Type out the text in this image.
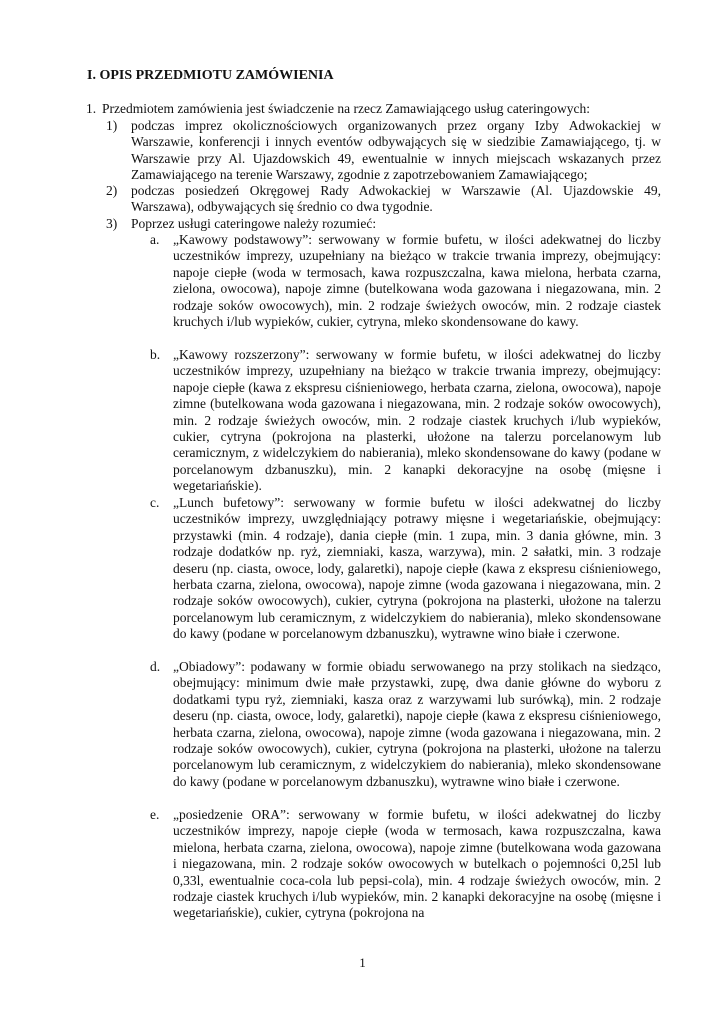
I. OPIS PRZEDMIOTU ZAMÓWIENIA
1. Przedmiotem zamówienia jest świadczenie na rzecz Zamawiającego usług cateringowych:
1) podczas imprez okolicznościowych organizowanych przez organy Izby Adwokackiej w Warszawie, konferencji i innych eventów odbywających się w siedzibie Zamawiającego, tj. w Warszawie przy Al. Ujazdowskich 49, ewentualnie w innych miejscach wskazanych przez Zamawiającego na terenie Warszawy, zgodnie z zapotrzebowaniem Zamawiającego;
2) podczas posiedzeń Okręgowej Rady Adwokackiej w Warszawie (Al. Ujazdowskie 49, Warszawa), odbywających się średnio co dwa tygodnie.
3) Poprzez usługi cateringowe należy rozumieć:
a. „Kawowy podstawowy”: serwowany w formie bufetu, w ilości adekwatnej do liczby uczestników imprezy, uzupełniany na bieżąco w trakcie trwania imprezy, obejmujący: napoje ciepłe (woda w termosach, kawa rozpuszczalna, kawa mielona, herbata czarna, zielona, owocowa), napoje zimne (butelkowana woda gazowana i niegazowana, min. 2 rodzaje soków owocowych), min. 2 rodzaje świeżych owoców, min. 2 rodzaje ciastek kruchych i/lub wypieków, cukier, cytryna, mleko skondensowane do kawy.
b. „Kawowy rozszerzony”: serwowany w formie bufetu, w ilości adekwatnej do liczby uczestników imprezy, uzupełniany na bieżąco w trakcie trwania imprezy, obejmujący: napoje ciepłe (kawa z ekspresu ciśnieniowego, herbata czarna, zielona, owocowa), napoje zimne (butelkowana woda gazowana i niegazowana, min. 2 rodzaje soków owocowych), min. 2 rodzaje świeżych owoców, min. 2 rodzaje ciastek kruchych i/lub wypieków, cukier, cytryna (pokrojona na plasterki, ułożone na talerzu porcelanowym lub ceramicznym, z widelczykiem do nabierania), mleko skondensowane do kawy (podane w porcelanowym dzbanuszku), min. 2 kanapki dekoracyjne na osobę (mięsne i wegetariańskie).
c. „Lunch bufetowy”: serwowany w formie bufetu w ilości adekwatnej do liczby uczestników imprezy, uwzględniający potrawy mięsne i wegetariańskie, obejmujący: przystawki (min. 4 rodzaje), dania ciepłe (min. 1 zupa, min. 3 dania główne, min. 3 rodzaje dodatków np. ryż, ziemniaki, kasza, warzywa), min. 2 sałatki, min. 3 rodzaje deseru (np. ciasta, owoce, lody, galaretki), napoje ciepłe (kawa z ekspresu ciśnieniowego, herbata czarna, zielona, owocowa), napoje zimne (woda gazowana i niegazowana, min. 2 rodzaje soków owocowych), cukier, cytryna (pokrojona na plasterki, ułożone na talerzu porcelanowym lub ceramicznym, z widelczykiem do nabierania), mleko skondensowane do kawy (podane w porcelanowym dzbanuszku), wytrawne wino białe i czerwone.
d. „Obiadowy”: podawany w formie obiadu serwowanego na przy stolikach na siedząco, obejmujący: minimum dwie małe przystawki, zupę, dwa danie główne do wyboru z dodatkami typu ryż, ziemniaki, kasza oraz z warzywami lub surówką), min. 2 rodzaje deseru (np. ciasta, owoce, lody, galaretki), napoje ciepłe (kawa z ekspresu ciśnieniowego, herbata czarna, zielona, owocowa), napoje zimne (woda gazowana i niegazowana, min. 2 rodzaje soków owocowych), cukier, cytryna (pokrojona na plasterki, ułożone na talerzu porcelanowym lub ceramicznym, z widelczykiem do nabierania), mleko skondensowane do kawy (podane w porcelanowym dzbanuszku), wytrawne wino białe i czerwone.
e. „posiedzenie ORA”: serwowany w formie bufetu, w ilości adekwatnej do liczby uczestników imprezy, napoje ciepłe (woda w termosach, kawa rozpuszczalna, kawa mielona, herbata czarna, zielona, owocowa), napoje zimne (butelkowana woda gazowana i niegazowana, min. 2 rodzaje soków owocowych w butelkach o pojemności 0,25l lub 0,33l, ewentualnie coca-cola lub pepsi-cola), min. 4 rodzaje świeżych owoców, min. 2 rodzaje ciastek kruchych i/lub wypieków, min. 2 kanapki dekoracyjne na osobę (mięsne i wegetariańskie), cukier, cytryna (pokrojona na
1
